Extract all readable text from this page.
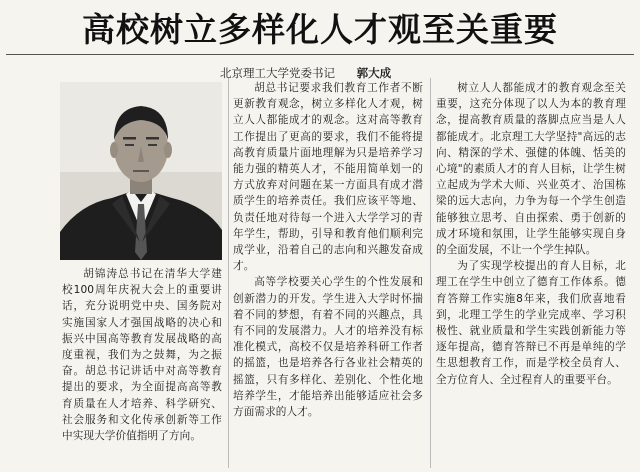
高校树立多样化人才观至关重要
北京理工大学党委书记 郭大成

胡锦涛总书记在清华大学建校100周年庆祝大会上的重要讲话，充分说明党中央、国务院对实施国家人才强国战略的决心和振兴中国高等教育发展战略的高度重视，我们为之鼓舞，为之振奋。胡总书记讲话中对高等教育提出的要求，为全面提高高等教育质量在人才培养、科学研究、社会服务和文化传承创新等工作中实现大学价值指明了方向。

胡总书记要求我们教育工作者不断更新教育观念，树立多样化人才观，树立人人都能成才的观念。这对高等教育工作提出了更高的要求，我们不能将提高教育质量片面地理解为只是培养学习能力强的精英人才，不能用简单划一的方式放弃对问题在某一方面具有成才潜质学生的培养责任。我们应该平等地、负责任地对待每一个进入大学学习的青年学生，帮助，引导和教育他们顺利完成学业，沿着自己的志向和兴趣发奋成才。

高等学校要关心学生的个性发展和创新潜力的开发。学生进入大学时怀揣着不同的梦想，有着不同的兴趣点，具有不同的发展潜力。人才的培养没有标准化模式，高校不仅是培养科研工作者的摇篮，也是培养各行各业社会精英的摇篮，只有多样化、差别化、个性化地培养学生，才能培养出能够适应社会多方面需求的人才。

树立人人都能成才的教育观念至关重要，这充分体现了以人为本的教育理念，提高教育质量的落脚点应当是人人都能成才。北京理工大学坚持"高远的志向、精深的学术、强健的体魄、恬美的心境"的素质人才的育人目标，让学生树立起成为学术大师、兴业英才、治国栋梁的远大志向，力争为每一个学生创造能够独立思考、自由探索、勇于创新的成才环境和氛围，让学生能够实现自身的全面发展，不让一个学生掉队。

为了实现学校提出的育人目标，北理工在学生中创立了德育工作体系。德育答辩工作实施8年来，我们欣喜地看到，北理工学生的学业完成率、学习积极性、就业质量和学生实践创新能力等逐年提高，德育答辩已不再是单纯的学生思想教育工作，而是学校全员育人、全方位育人、全过程育人的重要平台。
